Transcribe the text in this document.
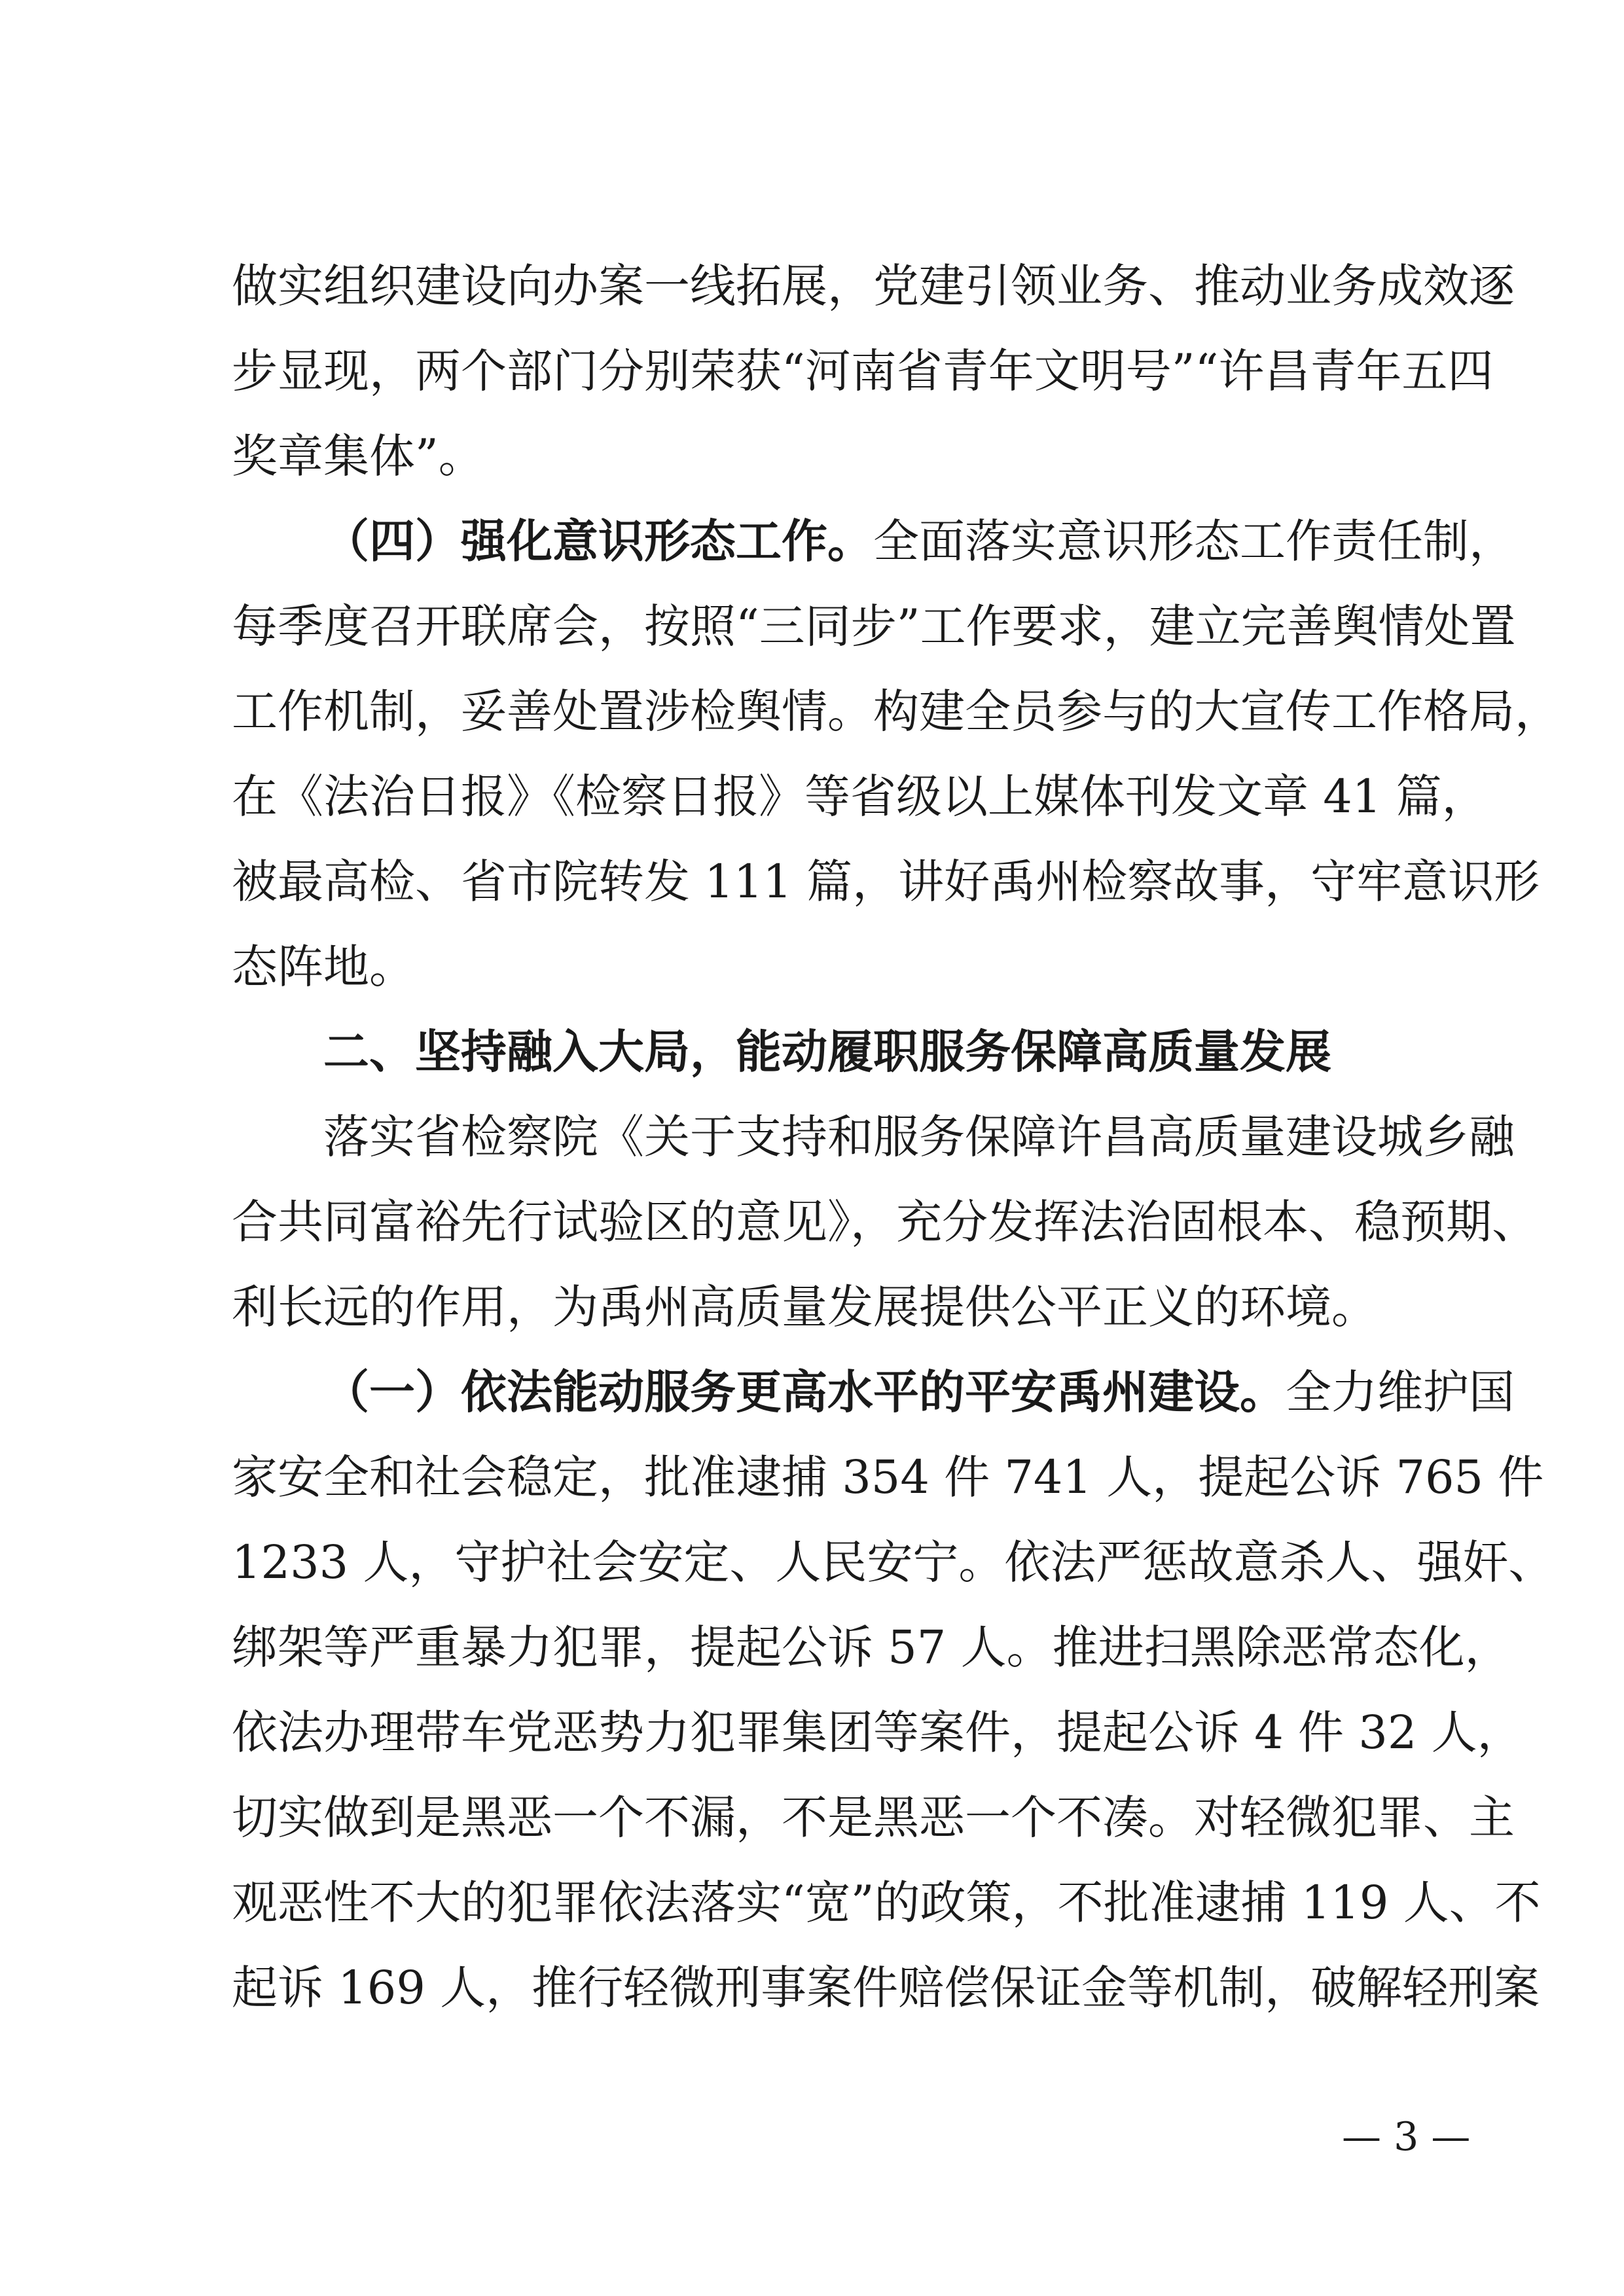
做实组织建设向办案一线拓展，党建引领业务、推动业务成效逐
步显现，两个部门分别荣获“河南省青年文明号”“许昌青年五四
奖章集体”。
（四）强化意识形态工作。全面落实意识形态工作责任制，
每季度召开联席会，按照“三同步”工作要求，建立完善舆情处置
工作机制，妥善处置涉检舆情。构建全员参与的大宣传工作格局，
在《法治日报》《检察日报》等省级以上媒体刊发文章 41 篇，
被最高检、省市院转发 111 篇，讲好禹州检察故事，守牢意识形
态阵地。
二、坚持融入大局，能动履职服务保障高质量发展
落实省检察院《关于支持和服务保障许昌高质量建设城乡融
合共同富裕先行试验区的意见》，充分发挥法治固根本、稳预期、
利长远的作用，为禹州高质量发展提供公平正义的环境。
（一）依法能动服务更高水平的平安禹州建设。全力维护国
家安全和社会稳定，批准逮捕 354 件 741 人，提起公诉 765 件
1233 人，守护社会安定、人民安宁。依法严惩故意杀人、强奸、
绑架等严重暴力犯罪，提起公诉 57 人。推进扫黑除恶常态化，
依法办理带车党恶势力犯罪集团等案件，提起公诉 4 件 32 人，
切实做到是黑恶一个不漏，不是黑恶一个不凑。对轻微犯罪、主
观恶性不大的犯罪依法落实“宽”的政策，不批准逮捕 119 人、不
起诉 169 人，推行轻微刑事案件赔偿保证金等机制，破解轻刑案
— 3 —
